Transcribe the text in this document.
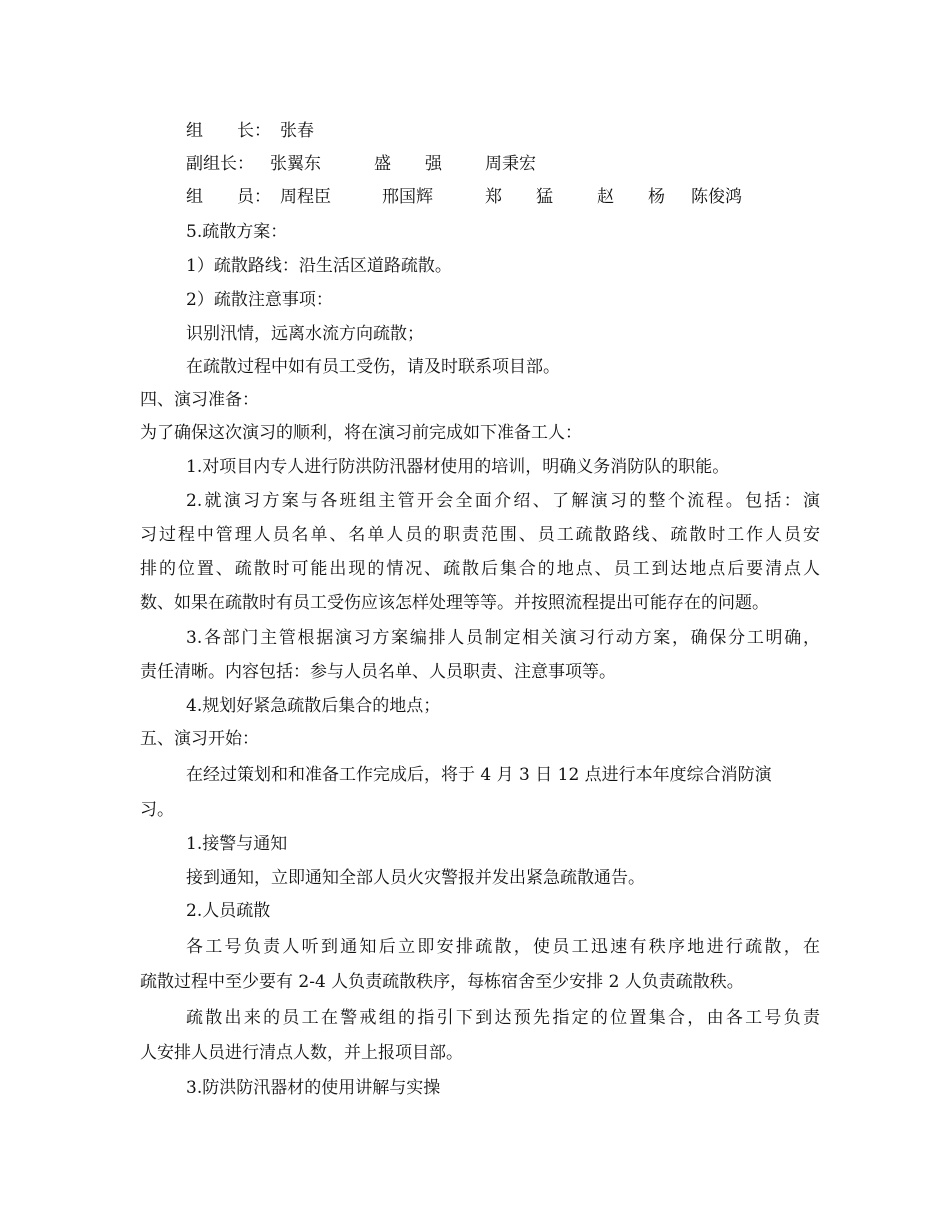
组　　长： 张春
副组长： 张翼东	盛　　强	周秉宏
组　　员： 周程臣	邢国辉	郑　　猛	赵　　杨 陈俊鸿
5.疏散方案：
1）疏散路线：沿生活区道路疏散。
2）疏散注意事项：
识别汛情，远离水流方向疏散；
在疏散过程中如有员工受伤，请及时联系项目部。
四、演习准备：
为了确保这次演习的顺利，将在演习前完成如下准备工人：
1.对项目内专人进行防洪防汛器材使用的培训，明确义务消防队的职能。
2.就演习方案与各班组主管开会全面介绍、了解演习的整个流程。包括：演
习过程中管理人员名单、名单人员的职责范围、员工疏散路线、疏散时工作人员安
排的位置、疏散时可能出现的情况、疏散后集合的地点、员工到达地点后要清点人
数、如果在疏散时有员工受伤应该怎样处理等等。并按照流程提出可能存在的问题。
3.各部门主管根据演习方案编排人员制定相关演习行动方案，确保分工明确，
责任清晰。内容包括：参与人员名单、人员职责、注意事项等。
4.规划好紧急疏散后集合的地点；
五、演习开始：
在经过策划和和准备工作完成后，将于 4 月 3 日 12 点进行本年度综合消防演
习。
1.接警与通知
接到通知，立即通知全部人员火灾警报并发出紧急疏散通告。
2.人员疏散
各工号负责人听到通知后立即安排疏散，使员工迅速有秩序地进行疏散，在
疏散过程中至少要有 2-4 人负责疏散秩序，每栋宿舍至少安排 2 人负责疏散秩。
疏散出来的员工在警戒组的指引下到达预先指定的位置集合，由各工号负责
人安排人员进行清点人数，并上报项目部。
3.防洪防汛器材的使用讲解与实操
